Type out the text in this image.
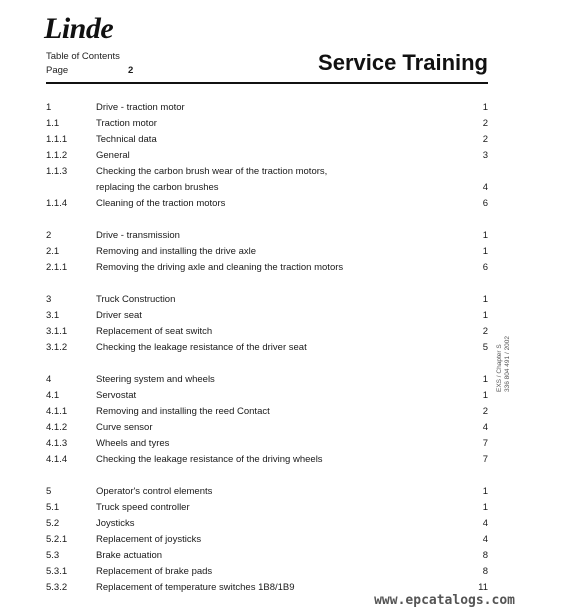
Linde
Table of Contents
Page	2	Service Training
1	Drive - traction motor	1
1.1	Traction motor	2
1.1.1	Technical data	2
1.1.2	General	3
1.1.3	Checking the carbon brush wear of the traction motors,
replacing the carbon brushes	4
1.1.4	Cleaning of the traction motors	6
2	Drive - transmission	1
2.1	Removing and installing the drive axle	1
2.1.1	Removing the driving axle and cleaning the traction motors	6
3	Truck Construction	1
3.1	Driver seat	1
3.1.1	Replacement of seat switch	2
3.1.2	Checking the leakage resistance of the driver seat	5
4	Steering system and wheels	1
4.1	Servostat	1
4.1.1	Removing and installing the reed Contact	2
4.1.2	Curve sensor	4
4.1.3	Wheels and tyres	7
4.1.4	Checking the leakage resistance of the driving wheels	7
5	Operator's control elements	1
5.1	Truck speed controller	1
5.2	Joysticks	4
5.2.1	Replacement of joysticks	4
5.3	Brake actuation	8
5.3.1	Replacement of brake pads	8
5.3.2	Replacement of temperature switches 1B8/1B9	11
EXS / Chapter S 336 804 491 / 2002
www.epcatalogs.com
